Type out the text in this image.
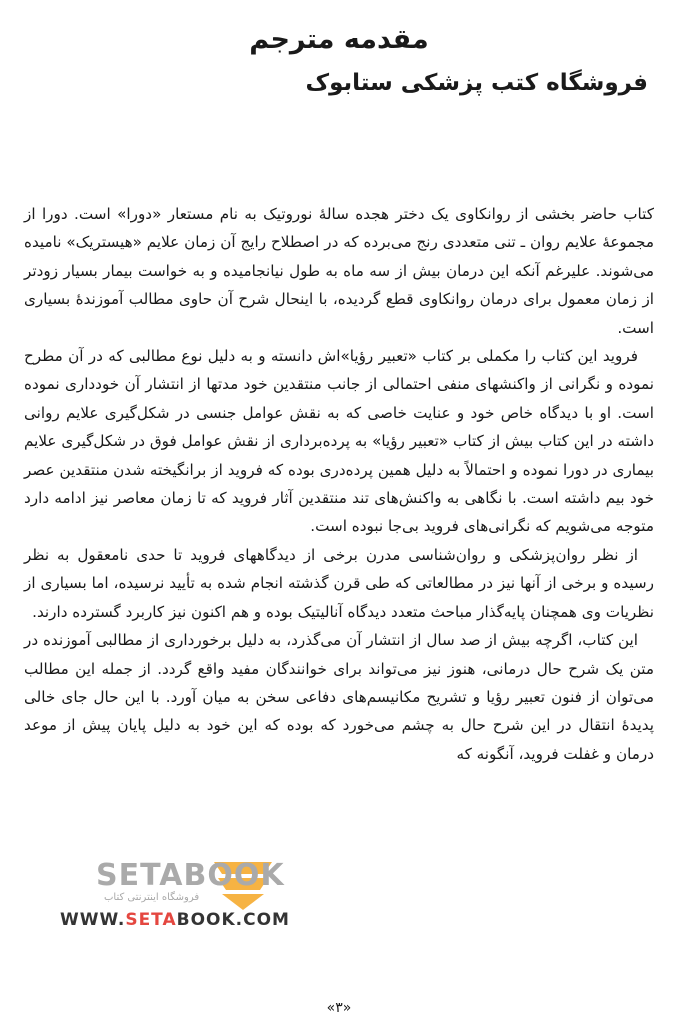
مقدمه مترجم
فروشگاه کتب پزشکی ستابوک

کتاب حاضر بخشی از روانکاوی یک دختر هجده سالهٔ نوروتیک به نام مستعار «دورا» است. دورا از مجموعهٔ علایم روان ـ تنی متعددی رنج می‌برده که در اصطلاح رایج آن زمان علایم «هیستریک» نامیده می‌شوند. علیرغم آنکه این درمان بیش از سه ماه به طول نیانجامیده و به خواست بیمار بسیار زودتر از زمان معمول برای درمان روانکاوی قطع گردیده، با اینحال شرح آن حاوی مطالب آموزندهٔ بسیاری است.

فروید این کتاب را مکملی بر کتاب «تعبیر رؤیا»اش دانسته و به دلیل نوع مطالبی که در آن مطرح نموده و نگرانی از واکنشهای منفی احتمالی از جانب منتقدین خود مدتها از انتشار آن خودداری نموده است. او با دیدگاه خاص خود و عنایت خاصی که به نقش عوامل جنسی در شکل‌گیری علایم روانی داشته در این کتاب بیش از کتاب «تعبیر رؤیا» به پرده‌برداری از نقش عوامل فوق در شکل‌گیری علایم بیماری در دورا نموده و احتمالاً به دلیل همین پرده‌دری بوده که فروید از برانگیخته شدن منتقدین عصر خود بیم داشته است. با نگاهی به واکنش‌های تند منتقدین آثار فروید که تا زمان معاصر نیز ادامه دارد متوجه می‌شویم که نگرانی‌های فروید بی‌جا نبوده است.

از نظر روان‌پزشکی و روان‌شناسی مدرن برخی از دیدگاههای فروید تا حدی نامعقول به نظر رسیده و برخی از آنها نیز در مطالعاتی که طی قرن گذشته انجام شده به تأیید نرسیده، اما بسیاری از نظریات وی همچنان پایه‌گذار مباحث متعدد دیدگاه آنالیتیک بوده و هم اکنون نیز کاربرد گسترده دارند.

این کتاب، اگرچه بیش از صد سال از انتشار آن می‌گذرد، به دلیل برخورداری از مطالبی آموزنده در متن یک شرح حال درمانی، هنوز نیز می‌تواند برای خوانندگان مفید واقع گردد. از جمله این مطالب می‌توان از فنون تعبیر رؤیا و تشریح مکانیسم‌های دفاعی سخن به میان آورد. با این حال جای خالی پدیدهٔ انتقال در این شرح حال به چشم می‌خورد که بوده که این خود به دلیل پایان پیش از موعد درمان و غفلت فروید، آنگونه که

SETABOOK
فروشگاه اینترنتی کتاب
WWW.SETABOOK.COM
«۳»
